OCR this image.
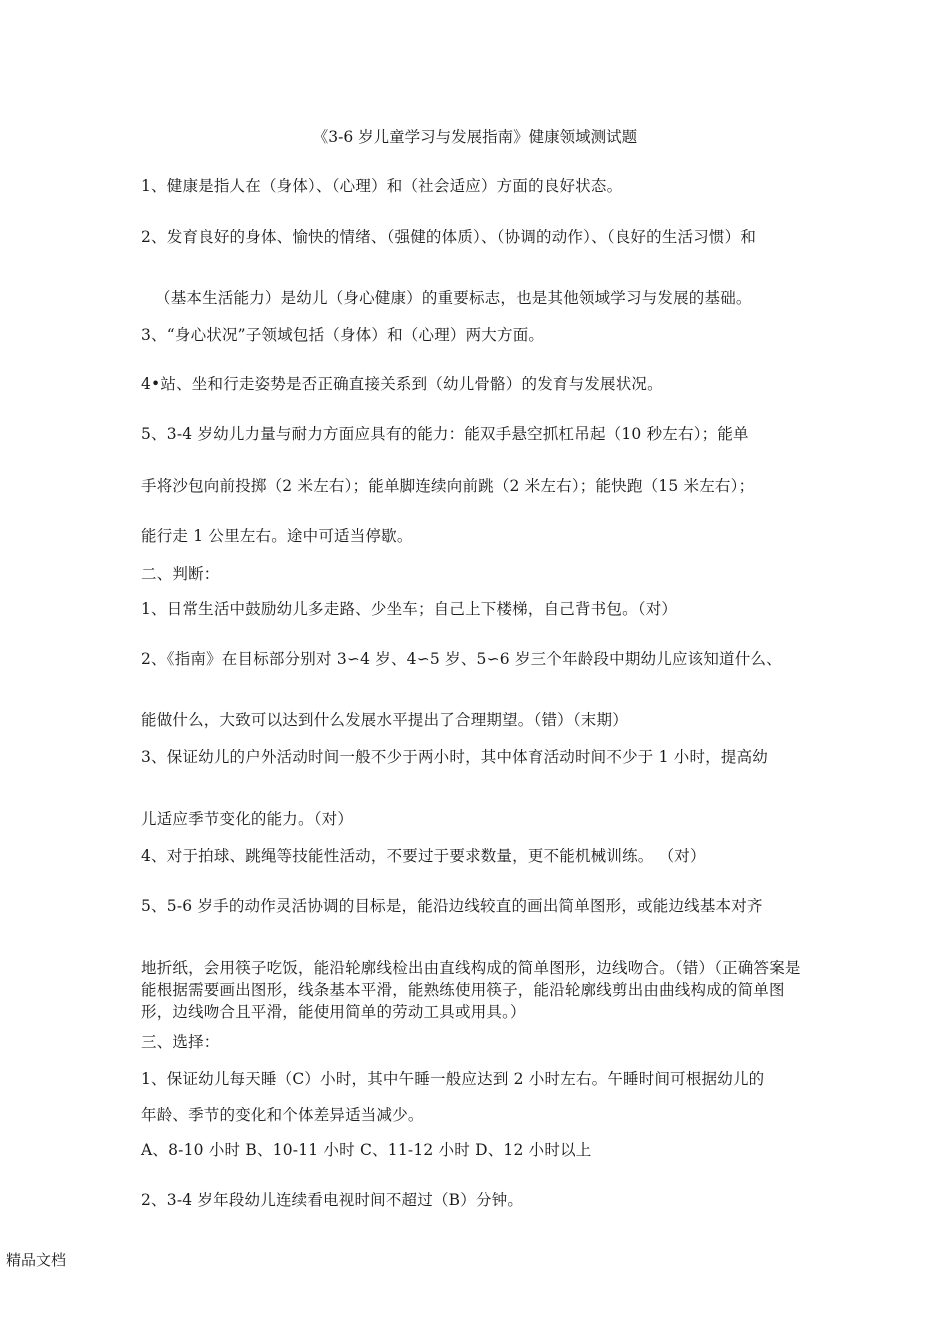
《3-6 岁儿童学习与发展指南》健康领域测试题
1、健康是指人在（身体）、（心理）和（社会适应）方面的良好状态。
2、发育良好的身体、愉快的情绪、（强健的体质）、（协调的动作）、（良好的生活习惯）和
（基本生活能力）是幼儿（身心健康）的重要标志，也是其他领域学习与发展的基础。
3、“身心状况”子领域包括（身体）和（心理）两大方面。
4•站、坐和行走姿势是否正确直接关系到（幼儿骨骼）的发育与发展状况。
5、3-4 岁幼儿力量与耐力方面应具有的能力：能双手悬空抓杠吊起（10 秒左右）；能单
手将沙包向前投掷（2 米左右）；能单脚连续向前跳（2 米左右）；能快跑（15 米左右）；
能行走 1 公里左右。途中可适当停歇。
二、判断：
1、日常生活中鼓励幼儿多走路、少坐车；自己上下楼梯，自己背书包。（对）
2、《指南》在目标部分别对 3∽4 岁、4∽5 岁、5∽6 岁三个年龄段中期幼儿应该知道什么、
能做什么，大致可以达到什么发展水平提出了合理期望。（错）（末期）
3、保证幼儿的户外活动时间一般不少于两小时，其中体育活动时间不少于 1 小时，提高幼
儿适应季节变化的能力。（对）
4、对于拍球、跳绳等技能性活动，不要过于要求数量，更不能机械训练。 （对）
5、5-6 岁手的动作灵活协调的目标是，能沿边线较直的画出简单图形，或能边线基本对齐
地折纸，会用筷子吃饭，能沿轮廓线检出由直线构成的简单图形，边线吻合。（错）（正确答案是能根据需要画出图形，线条基本平滑，能熟练使用筷子，能沿轮廓线剪出由曲线构成的简单图形，边线吻合且平滑，能使用简单的劳动工具或用具。）
三、选择：
1、保证幼儿每天睡（C）小时，其中午睡一般应达到 2 小时左右。午睡时间可根据幼儿的
年龄、季节的变化和个体差异适当减少。
A、8-10 小时 B、10-11 小时 C、11-12 小时 D、12 小时以上
2、3-4 岁年段幼儿连续看电视时间不超过（B）分钟。
精品文档
